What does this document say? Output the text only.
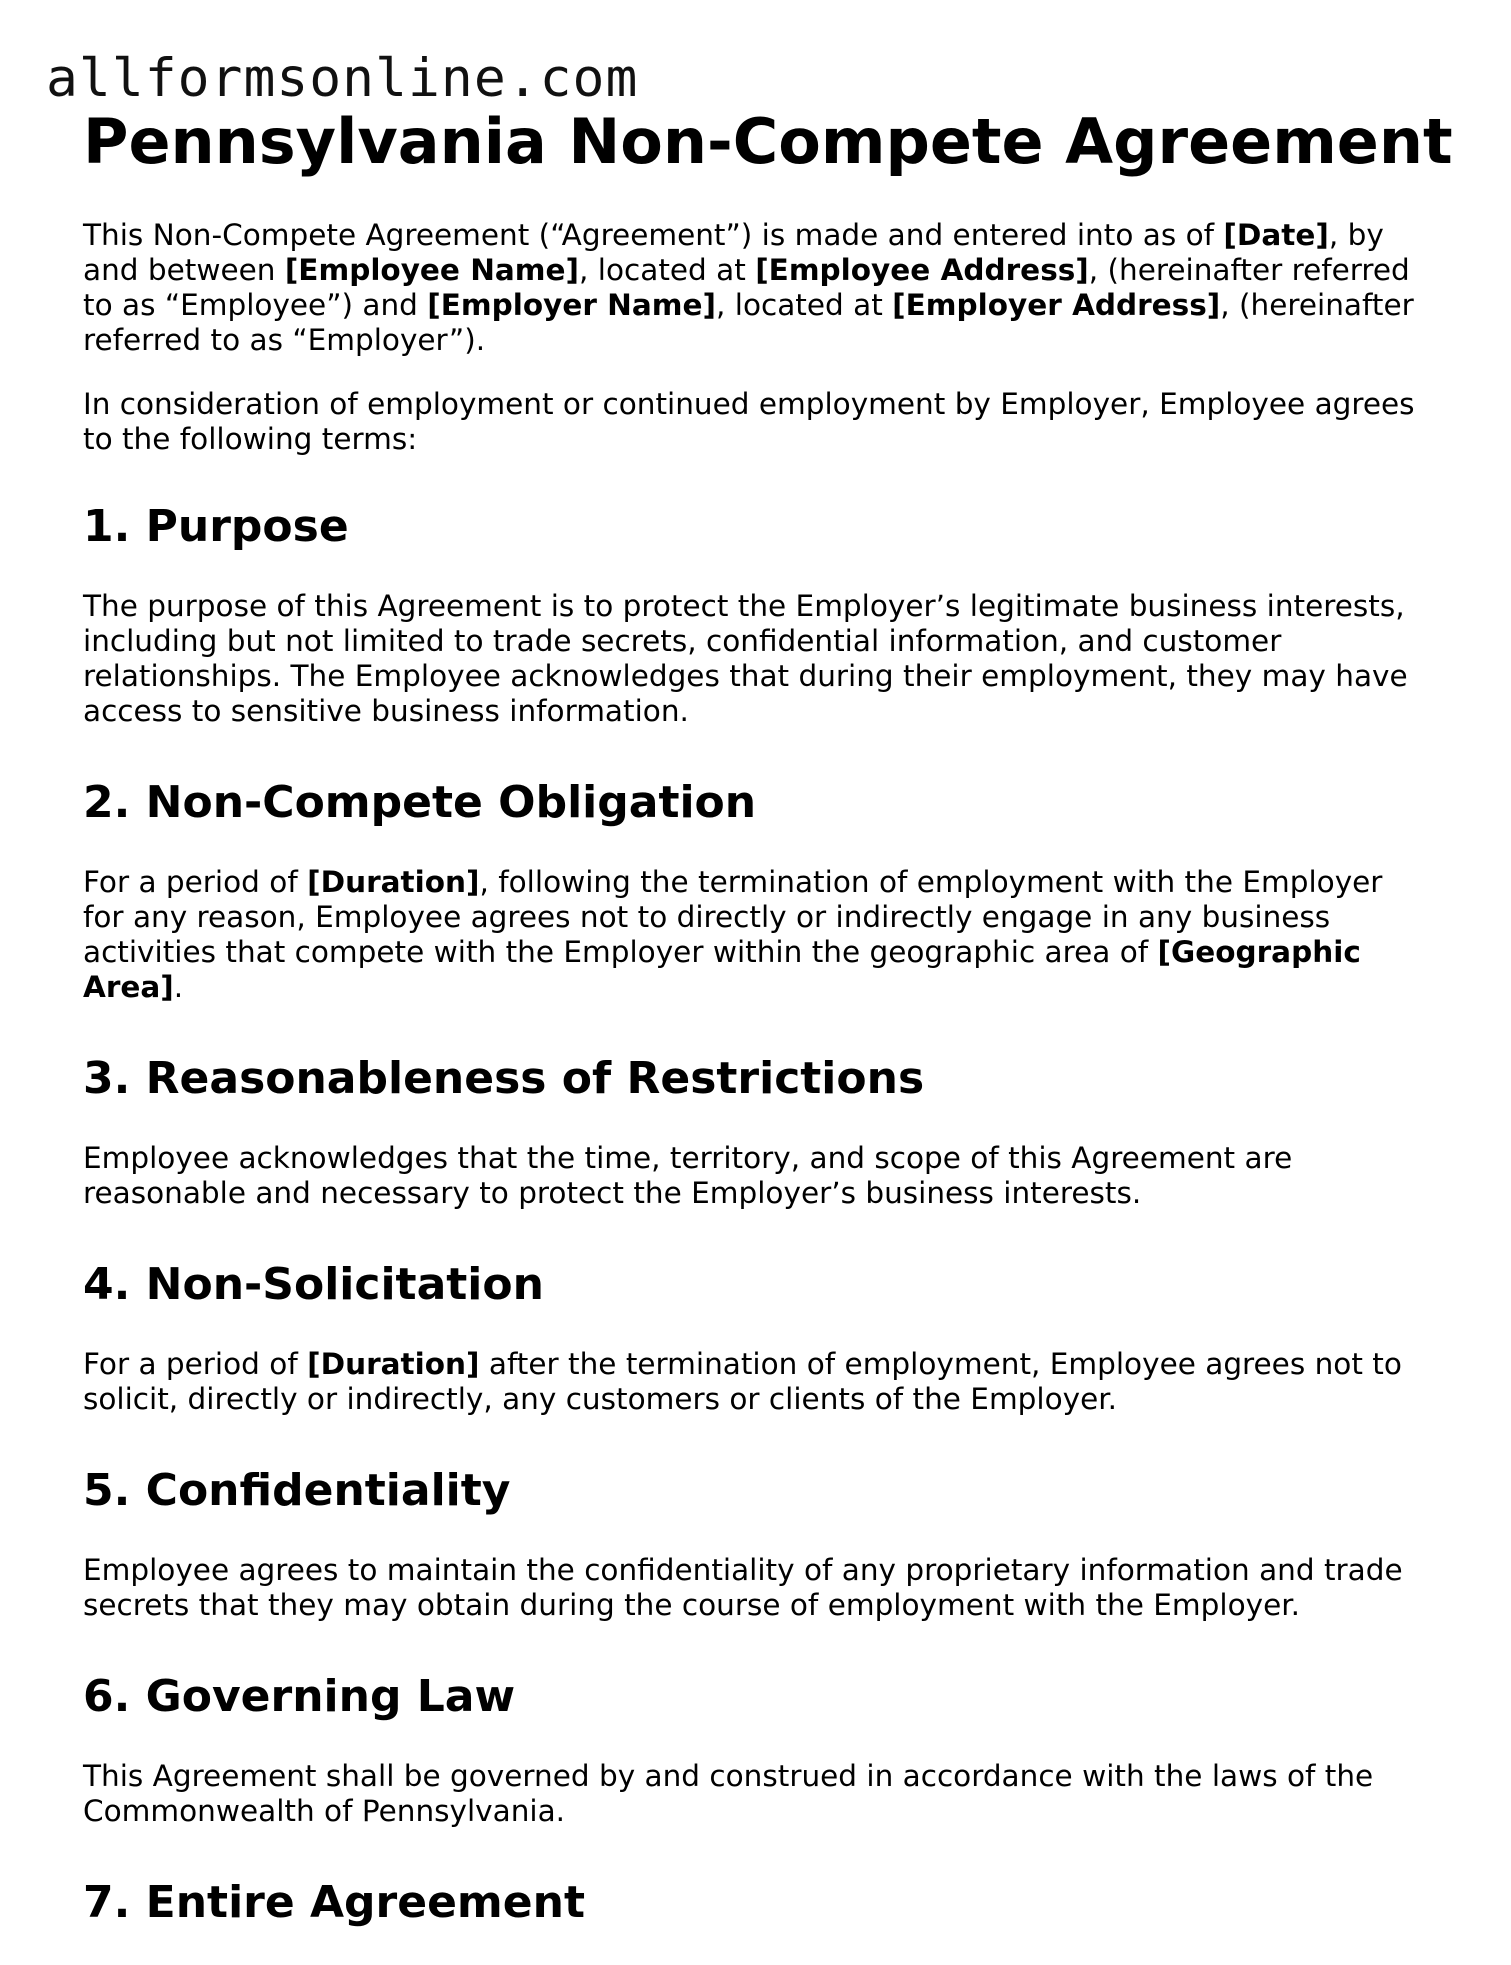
allformsonline.com
Pennsylvania Non-Compete Agreement

This Non-Compete Agreement (“Agreement”) is made and entered into as of [Date], by and between [Employee Name], located at [Employee Address], (hereinafter referred to as “Employee”) and [Employer Name], located at [Employer Address], (hereinafter referred to as “Employer”).

In consideration of employment or continued employment by Employer, Employee agrees to the following terms:

1. Purpose

The purpose of this Agreement is to protect the Employer’s legitimate business interests, including but not limited to trade secrets, confidential information, and customer relationships. The Employee acknowledges that during their employment, they may have access to sensitive business information.

2. Non-Compete Obligation

For a period of [Duration], following the termination of employment with the Employer for any reason, Employee agrees not to directly or indirectly engage in any business activities that compete with the Employer within the geographic area of [Geographic Area].

3. Reasonableness of Restrictions

Employee acknowledges that the time, territory, and scope of this Agreement are reasonable and necessary to protect the Employer’s business interests.

4. Non-Solicitation

For a period of [Duration] after the termination of employment, Employee agrees not to solicit, directly or indirectly, any customers or clients of the Employer.

5. Confidentiality

Employee agrees to maintain the confidentiality of any proprietary information and trade secrets that they may obtain during the course of employment with the Employer.

6. Governing Law

This Agreement shall be governed by and construed in accordance with the laws of the Commonwealth of Pennsylvania.

7. Entire Agreement
